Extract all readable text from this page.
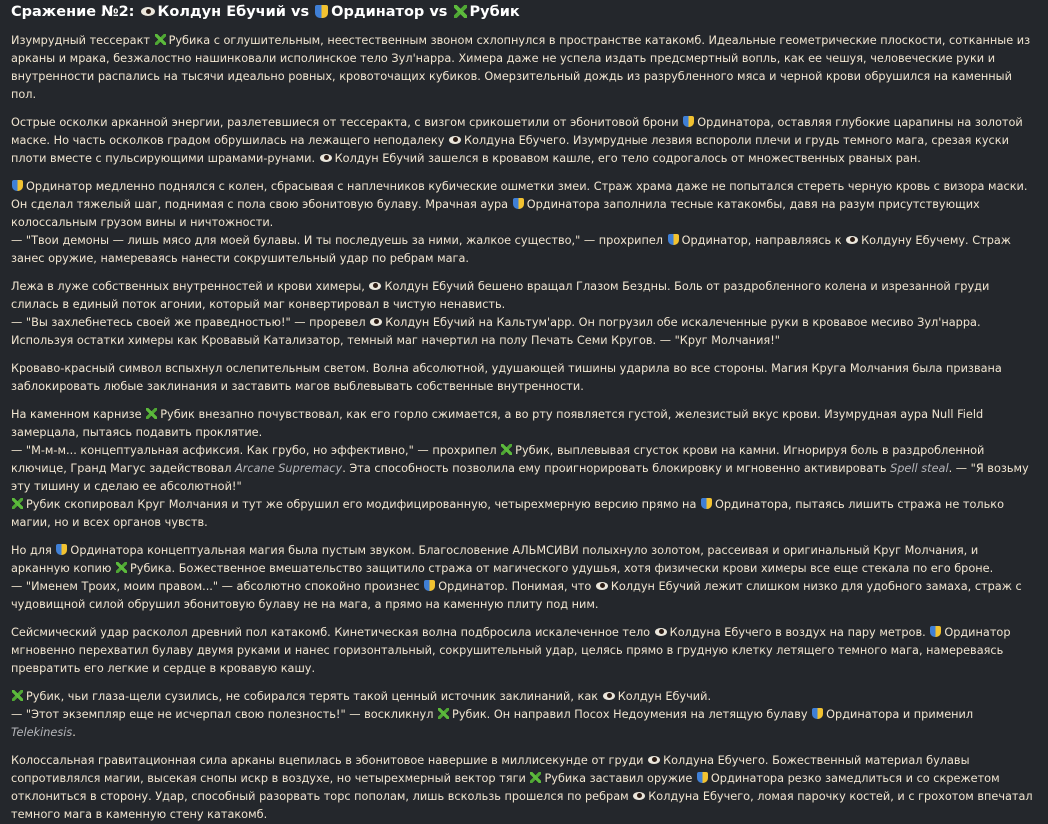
Сражение №2: Колдун Ебучий vs Ординатор vs Рубик

Изумрудный тессеракт Рубика с оглушительным, неестественным звоном схлопнулся в пространстве катакомб. Идеальные геометрические плоскости, сотканные из арканы и мрака, безжалостно нашинковали исполинское тело Зул'нарра. Химера даже не успела издать предсмертный вопль, как ее чешуя, человеческие руки и внутренности распались на тысячи идеально ровных, кровоточащих кубиков. Омерзительный дождь из разрубленного мяса и черной крови обрушился на каменный пол.

Острые осколки арканной энергии, разлетевшиеся от тессеракта, с визгом срикошетили от эбонитовой брони Ординатора, оставляя глубокие царапины на золотой маске. Но часть осколков градом обрушилась на лежащего неподалеку Колдуна Ебучего. Изумрудные лезвия вспороли плечи и грудь темного мага, срезая куски плоти вместе с пульсирующими шрамами-рунами. Колдун Ебучий зашелся в кровавом кашле, его тело содрогалось от множественных рваных ран.

Ординатор медленно поднялся с колен, сбрасывая с наплечников кубические ошметки змеи. Страж храма даже не попытался стереть черную кровь с визора маски. Он сделал тяжелый шаг, поднимая с пола свою эбонитовую булаву. Мрачная аура Ординатора заполнила тесные катакомбы, давя на разум присутствующих колоссальным грузом вины и ничтожности.
— "Твои демоны — лишь мясо для моей булавы. И ты последуешь за ними, жалкое существо," — прохрипел Ординатор, направляясь к Колдуну Ебучему. Страж занес оружие, намереваясь нанести сокрушительный удар по ребрам мага.

Лежа в луже собственных внутренностей и крови химеры, Колдун Ебучий бешено вращал Глазом Бездны. Боль от раздробленного колена и изрезанной груди слилась в единый поток агонии, который маг конвертировал в чистую ненависть.
— "Вы захлебнетесь своей же праведностью!" — проревел Колдун Ебучий на Кальтум'арр. Он погрузил обе искалеченные руки в кровавое месиво Зул'нарра. Используя остатки химеры как Кровавый Катализатор, темный маг начертил на полу Печать Семи Кругов. — "Круг Молчания!"

Кроваво-красный символ вспыхнул ослепительным светом. Волна абсолютной, удушающей тишины ударила во все стороны. Магия Круга Молчания была призвана заблокировать любые заклинания и заставить магов выблевывать собственные внутренности.

На каменном карнизе Рубик внезапно почувствовал, как его горло сжимается, а во рту появляется густой, железистый вкус крови. Изумрудная аура Null Field замерцала, пытаясь подавить проклятие.
— "М-м-м... концептуальная асфиксия. Как грубо, но эффективно," — прохрипел Рубик, выплевывая сгусток крови на камни. Игнорируя боль в раздробленной ключице, Гранд Магус задействовал Arcane Supremacy. Эта способность позволила ему проигнорировать блокировку и мгновенно активировать Spell steal. — "Я возьму эту тишину и сделаю ее абсолютной!"
Рубик скопировал Круг Молчания и тут же обрушил его модифицированную, четырехмерную версию прямо на Ординатора, пытаясь лишить стража не только магии, но и всех органов чувств.

Но для Ординатора концептуальная магия была пустым звуком. Благословение АЛЬМСИВИ полыхнуло золотом, рассеивая и оригинальный Круг Молчания, и арканную копию Рубика. Божественное вмешательство защитило стража от магического удушья, хотя физически крови химеры все еще стекала по его броне.
— "Именем Троих, моим правом..." — абсолютно спокойно произнес Ординатор. Понимая, что Колдун Ебучий лежит слишком низко для удобного замаха, страж с чудовищной силой обрушил эбонитовую булаву не на мага, а прямо на каменную плиту под ним.

Сейсмический удар расколол древний пол катакомб. Кинетическая волна подбросила искалеченное тело Колдуна Ебучего в воздух на пару метров. Ординатор мгновенно перехватил булаву двумя руками и нанес горизонтальный, сокрушительный удар, целясь прямо в грудную клетку летящего темного мага, намереваясь превратить его легкие и сердце в кровавую кашу.

Рубик, чьи глаза-щели сузились, не собирался терять такой ценный источник заклинаний, как Колдун Ебучий.
— "Этот экземпляр еще не исчерпал свою полезность!" — воскликнул Рубик. Он направил Посох Недоумения на летящую булаву Ординатора и применил Telekinesis.

Колоссальная гравитационная сила арканы вцепилась в эбонитовое навершие в миллисекунде от груди Колдуна Ебучего. Божественный материал булавы сопротивлялся магии, высекая снопы искр в воздухе, но четырехмерный вектор тяги Рубика заставил оружие Ординатора резко замедлиться и со скрежетом отклониться в сторону. Удар, способный разорвать торс пополам, лишь вскользь прошелся по ребрам Колдуна Ебучего, ломая парочку костей, и с грохотом впечатал темного мага в каменную стену катакомб.
